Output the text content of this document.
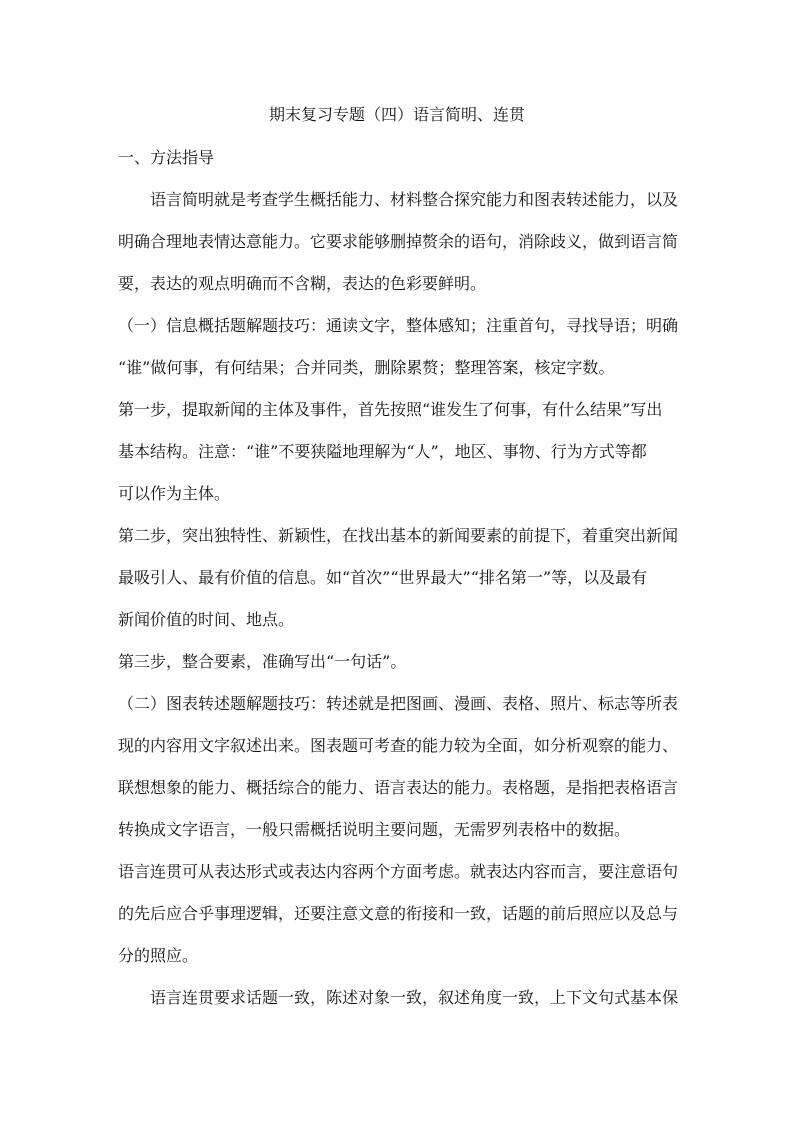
期末复习专题（四）语言简明、连贯
一、方法指导
语言简明就是考查学生概括能力、材料整合探究能力和图表转述能力，以及
明确合理地表情达意能力。它要求能够删掉赘余的语句，消除歧义，做到语言简
要，表达的观点明确而不含糊，表达的色彩要鲜明。
（一）信息概括题解题技巧：通读文字，整体感知；注重首句，寻找导语；明确
“谁”做何事，有何结果；合并同类，删除累赘；整理答案，核定字数。
第一步，提取新闻的主体及事件，首先按照“谁发生了何事，有什么结果”写出
基本结构。注意：“谁”不要狭隘地理解为“人”，地区、事物、行为方式等都
可以作为主体。
第二步，突出独特性、新颖性，在找出基本的新闻要素的前提下，着重突出新闻
最吸引人、最有价值的信息。如“首次”“世界最大”“排名第一”等，以及最有
新闻价值的时间、地点。
第三步，整合要素，准确写出“一句话”。
（二）图表转述题解题技巧：转述就是把图画、漫画、表格、照片、标志等所表
现的内容用文字叙述出来。图表题可考查的能力较为全面，如分析观察的能力、
联想想象的能力、概括综合的能力、语言表达的能力。表格题，是指把表格语言
转换成文字语言，一般只需概括说明主要问题，无需罗列表格中的数据。
语言连贯可从表达形式或表达内容两个方面考虑。就表达内容而言，要注意语句
的先后应合乎事理逻辑，还要注意文意的衔接和一致，话题的前后照应以及总与
分的照应。
语言连贯要求话题一致，陈述对象一致，叙述角度一致，上下文句式基本保
